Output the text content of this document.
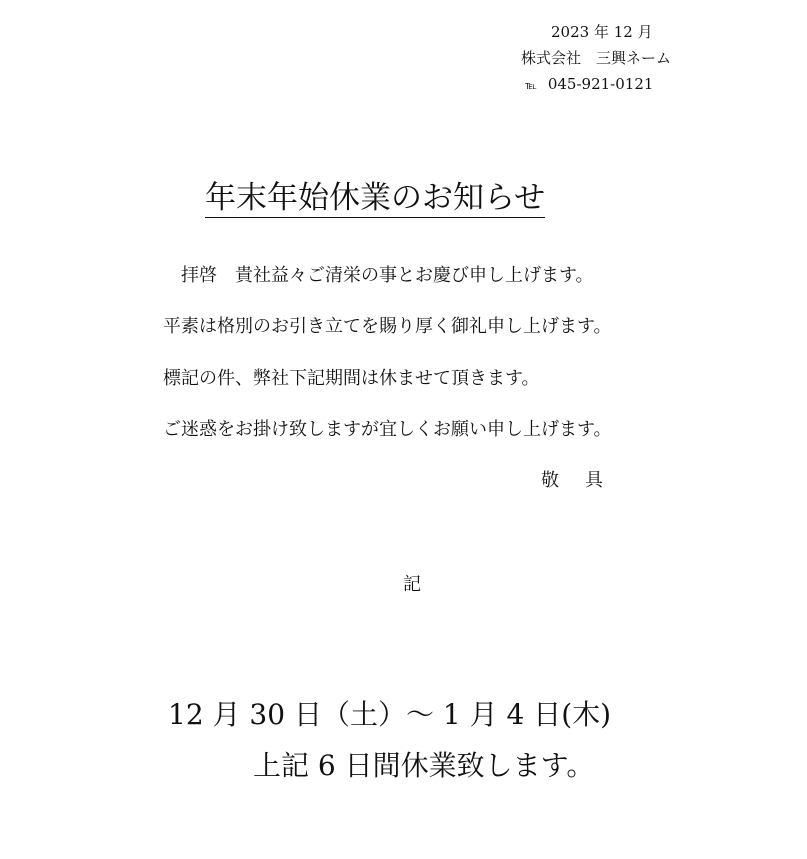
2023 年 12 月
株式会社　三興ネーム
℡ 045-921-0121
年末年始休業のお知らせ
拝啓　貴社益々ご清栄の事とお慶び申し上げます。
平素は格別のお引き立てを賜り厚く御礼申し上げます。
標記の件、弊社下記期間は休ませて頂きます。
ご迷惑をお掛け致しますが宜しくお願い申し上げます。
敬　具
記
12 月 30 日（土）～ 1 月 4 日(木)
上記 6 日間休業致します。
